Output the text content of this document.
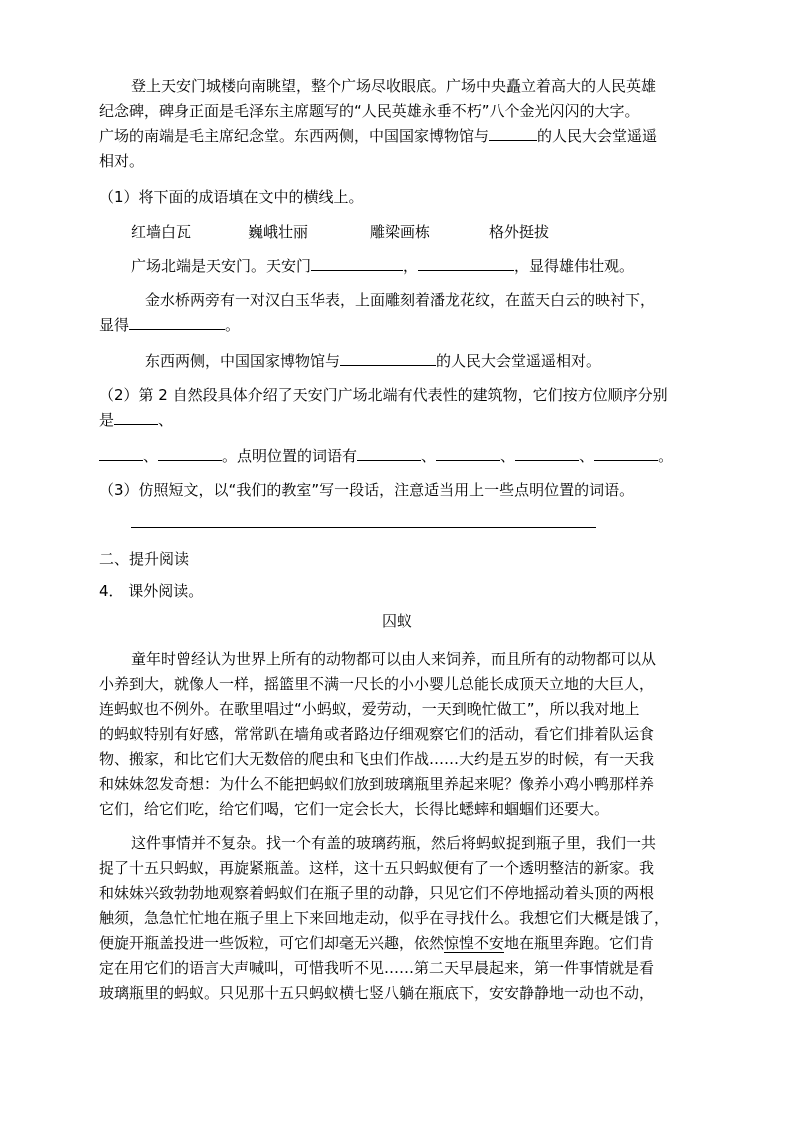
登上天安门城楼向南眺望，整个广场尽收眼底。广场中央矗立着高大的人民英雄
纪念碑，碑身正面是毛泽东主席题写的“人民英雄永垂不朽”八个金光闪闪的大字。
广场的南端是毛主席纪念堂。东西两侧，中国国家博物馆与	的人民大会堂遥遥
相对。
（1）将下面的成语填在文中的横线上。
红墙白瓦	巍峨壮丽	雕梁画栋	格外挺拔
广场北端是天安门。天安门	，	，显得雄伟壮观。
金水桥两旁有一对汉白玉华表，上面雕刻着潘龙花纹，在蓝天白云的映衬下，
显得	。
东西两侧，中国国家博物馆与	的人民大会堂遥遥相对。
（2）第 2 自然段具体介绍了天安门广场北端有代表性的建筑物，它们按方位顺序分别
是	、
、	。点明位置的词语有	、	、	、	。
（3）仿照短文，以“我们的教室”写一段话，注意适当用上一些点明位置的词语。
二、提升阅读
4． 课外阅读。
囚蚁
童年时曾经认为世界上所有的动物都可以由人来饲养，而且所有的动物都可以从
小养到大，就像人一样，摇篮里不满一尺长的小小婴儿总能长成顶天立地的大巨人，
连蚂蚁也不例外。在歌里唱过“小蚂蚁，爱劳动，一天到晚忙做工”，所以我对地上
的蚂蚁特别有好感，常常趴在墙角或者路边仔细观察它们的活动，看它们排着队运食
物、搬家，和比它们大无数倍的爬虫和飞虫们作战……大约是五岁的时候，有一天我
和妹妹忽发奇想：为什么不能把蚂蚁们放到玻璃瓶里养起来呢？像养小鸡小鸭那样养
它们，给它们吃，给它们喝，它们一定会长大，长得比蟋蟀和蝈蝈们还要大。
这件事情并不复杂。找一个有盖的玻璃药瓶，然后将蚂蚁捉到瓶子里，我们一共
捉了十五只蚂蚁，再旋紧瓶盖。这样，这十五只蚂蚁便有了一个透明整洁的新家。我
和妹妹兴致勃勃地观察着蚂蚁们在瓶子里的动静，只见它们不停地摇动着头顶的两根
触须，急急忙忙地在瓶子里上下来回地走动，似乎在寻找什么。我想它们大概是饿了，
便旋开瓶盖投进一些饭粒，可它们却毫无兴趣，依然惊惶不安地在瓶里奔跑。它们肯
定在用它们的语言大声喊叫，可惜我听不见……第二天早晨起来，第一件事情就是看
玻璃瓶里的蚂蚁。只见那十五只蚂蚁横七竖八躺在瓶底下，安安静静地一动也不动，
